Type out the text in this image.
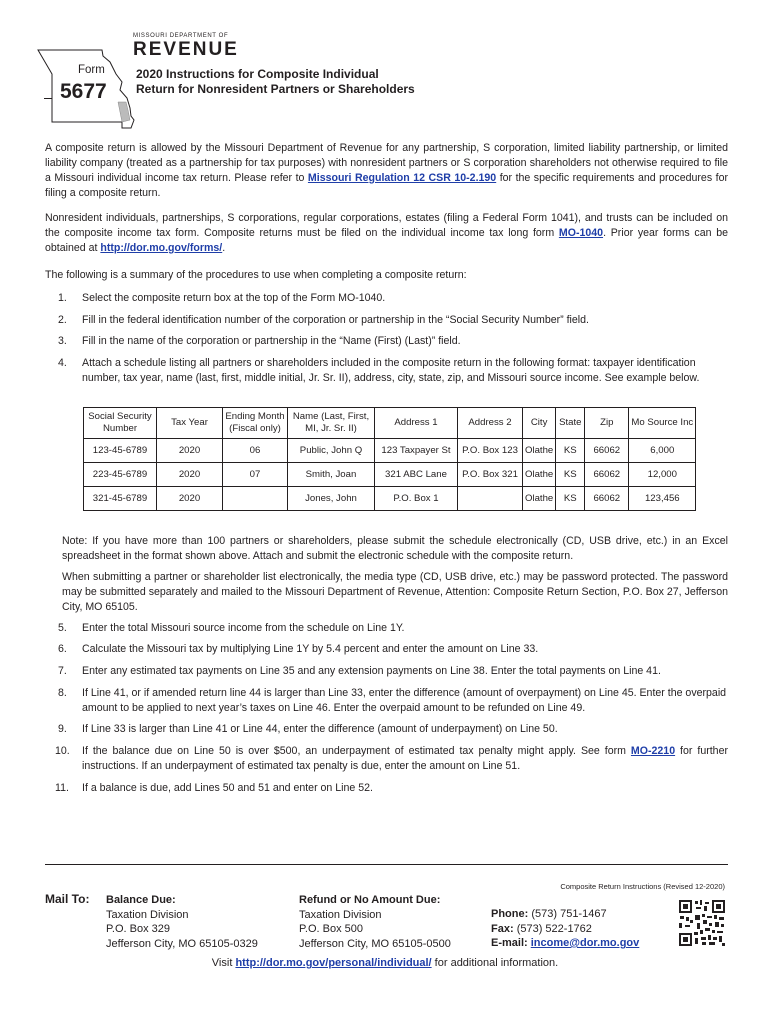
Form
5677
MISSOURI DEPARTMENT OF
REVENUE
2020 Instructions for Composite Individual
Return for Nonresident Partners or Shareholders

A composite return is allowed by the Missouri Department of Revenue for any partnership, S corporation, limited liability partnership, or limited liability company (treated as a partnership for tax purposes) with nonresident partners or S corporation shareholders not otherwise required to file a Missouri individual income tax return. Please refer to Missouri Regulation 12 CSR 10-2.190 for the specific requirements and procedures for filing a composite return.

Nonresident individuals, partnerships, S corporations, regular corporations, estates (filing a Federal Form 1041), and trusts can be included on the composite income tax form. Composite returns must be filed on the individual income tax long form MO-1040. Prior year forms can be obtained at http://dor.mo.gov/forms/.

The following is a summary of the procedures to use when completing a composite return:

1.	Select the composite return box at the top of the Form MO-1040.
2.	Fill in the federal identification number of the corporation or partnership in the “Social Security Number” field.
3.	Fill in the name of the corporation or partnership in the “Name (First) (Last)” field.
4.	Attach a schedule listing all partners or shareholders included in the composite return in the following format: taxpayer identification number, tax year, name (last, first, middle initial, Jr. Sr. II), address, city, state, zip, and Missouri source income. See example below.
Social Security Number	Tax Year	Ending Month (Fiscal only)	Name (Last, First, MI, Jr. Sr. II)	Address 1	Address 2	City	State	Zip	Mo Source Inc
123-45-6789	2020	06	Public, John Q	123 Taxpayer St	P.O. Box 123	Olathe	KS	66062	6,000
223-45-6789	2020	07	Smith, Joan	321 ABC Lane	P.O. Box 321	Olathe	KS	66062	12,000
321-45-6789	2020		Jones, John	P.O. Box 1		Olathe	KS	66062	123,456

Note: If you have more than 100 partners or shareholders, please submit the schedule electronically (CD, USB drive, etc.) in an Excel spreadsheet in the format shown above. Attach and submit the electronic schedule with the composite return.

When submitting a partner or shareholder list electronically, the media type (CD, USB drive, etc.) may be password protected. The password may be submitted separately and mailed to the Missouri Department of Revenue, Attention: Composite Return Section, P.O. Box 27, Jefferson City, MO 65105.

5.	Enter the total Missouri source income from the schedule on Line 1Y.
6.	Calculate the Missouri tax by multiplying Line 1Y by 5.4 percent and enter the amount on Line 33.
7.	Enter any estimated tax payments on Line 35 and any extension payments on Line 38. Enter the total payments on Line 41.
8.	If Line 41, or if amended return line 44 is larger than Line 33, enter the difference (amount of overpayment) on Line 45. Enter the overpaid amount to be applied to next year’s taxes on Line 46. Enter the overpaid amount to be refunded on Line 49.
9.	If Line 33 is larger than Line 41 or Line 44, enter the difference (amount of underpayment) on Line 50.
10.	If the balance due on Line 50 is over $500, an underpayment of estimated tax penalty might apply. See form MO-2210 for further instructions. If an underpayment of estimated tax penalty is due, enter the amount on Line 51.
11.	If a balance is due, add Lines 50 and 51 and enter on Line 52.
Composite Return Instructions (Revised 12-2020)
Mail To: Balance Due:
Taxation Division
P.O. Box 329
Jefferson City, MO 65105-0329
Refund or No Amount Due:
Taxation Division
P.O. Box 500
Jefferson City, MO 65105-0500
Phone: (573) 751-1467
Fax: (573) 522-1762
E-mail: income@dor.mo.gov
Visit http://dor.mo.gov/personal/individual/ for additional information.
